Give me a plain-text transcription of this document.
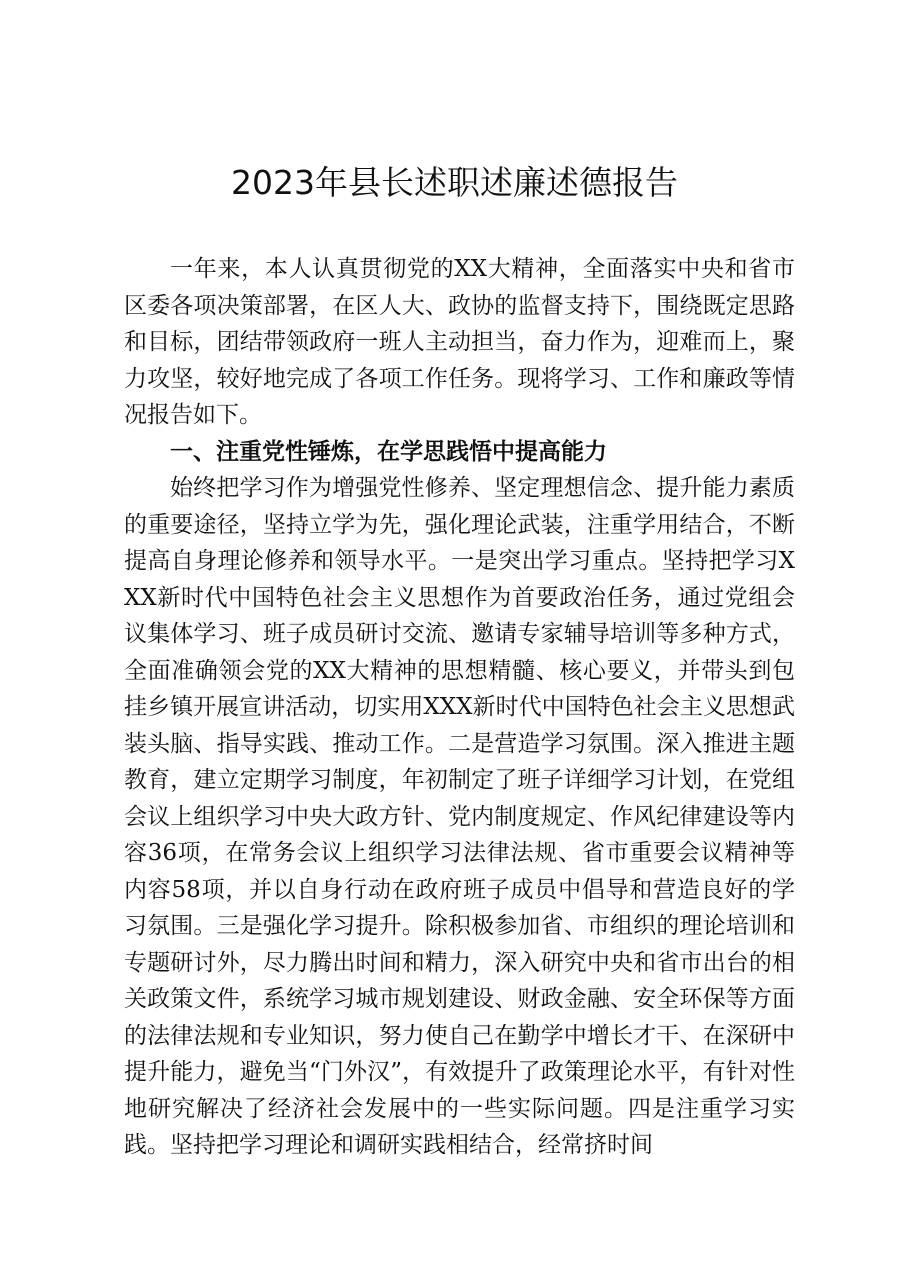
2023年县长述职述廉述德报告

一年来，本人认真贯彻党的XX大精神，全面落实中央和省市区委各项决策部署，在区人大、政协的监督支持下，围绕既定思路和目标，团结带领政府一班人主动担当，奋力作为，迎难而上，聚力攻坚，较好地完成了各项工作任务。现将学习、工作和廉政等情况报告如下。

一、注重党性锤炼，在学思践悟中提高能力

始终把学习作为增强党性修养、坚定理想信念、提升能力素质的重要途径，坚持立学为先，强化理论武装，注重学用结合，不断提高自身理论修养和领导水平。一是突出学习重点。坚持把学习XXX新时代中国特色社会主义思想作为首要政治任务，通过党组会议集体学习、班子成员研讨交流、邀请专家辅导培训等多种方式，全面准确领会党的XX大精神的思想精髓、核心要义，并带头到包挂乡镇开展宣讲活动，切实用XXX新时代中国特色社会主义思想武装头脑、指导实践、推动工作。二是营造学习氛围。深入推进主题教育，建立定期学习制度，年初制定了班子详细学习计划，在党组会议上组织学习中央大政方针、党内制度规定、作风纪律建设等内容36项，在常务会议上组织学习法律法规、省市重要会议精神等内容58项，并以自身行动在政府班子成员中倡导和营造良好的学习氛围。三是强化学习提升。除积极参加省、市组织的理论培训和专题研讨外，尽力腾出时间和精力，深入研究中央和省市出台的相关政策文件，系统学习城市规划建设、财政金融、安全环保等方面的法律法规和专业知识，努力使自己在勤学中增长才干、在深研中提升能力，避免当“门外汉”，有效提升了政策理论水平，有针对性地研究解决了经济社会发展中的一些实际问题。四是注重学习实践。坚持把学习理论和调研实践相结合，经常挤时间
